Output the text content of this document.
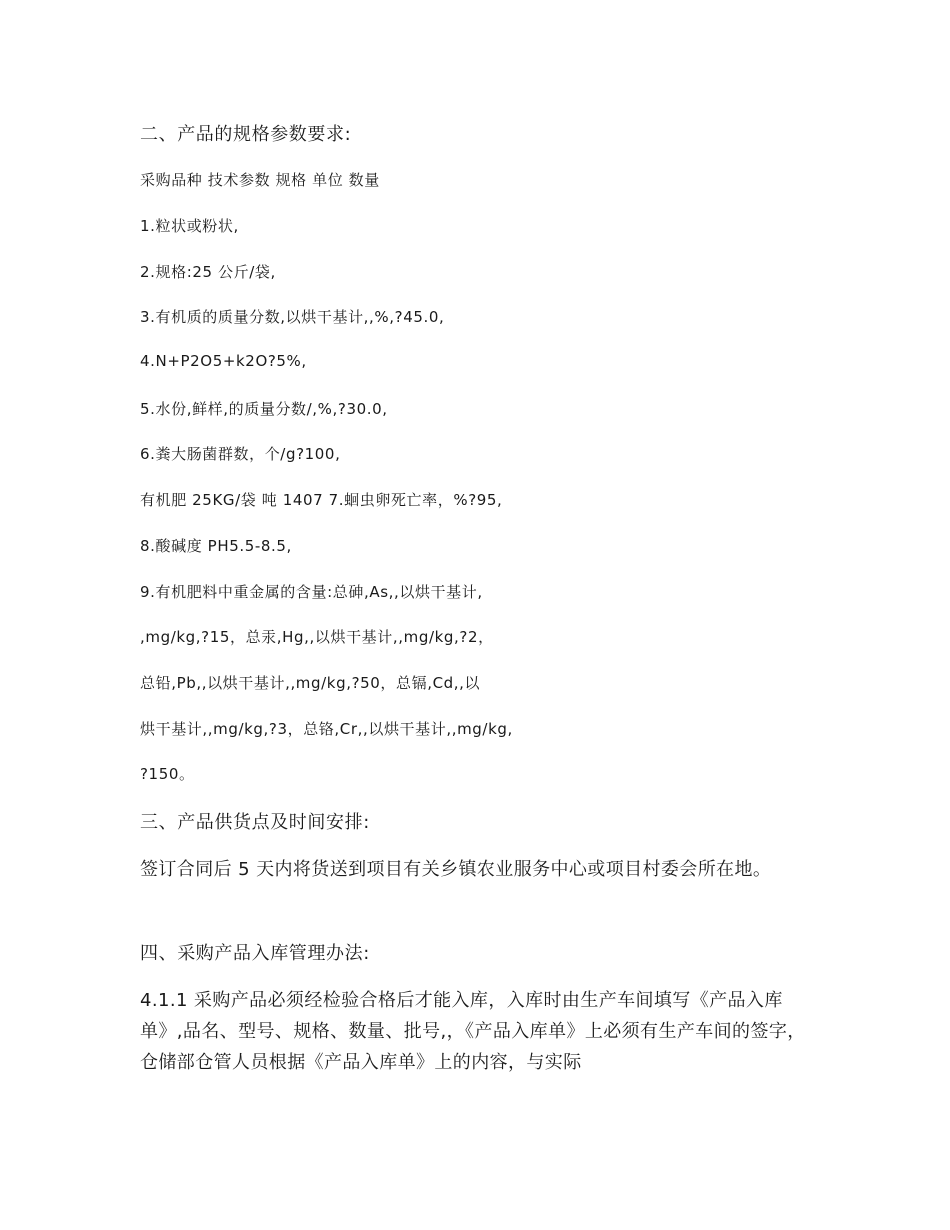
二、产品的规格参数要求:
采购品种 技术参数 规格 单位 数量
1.粒状或粉状,
2.规格:25 公斤/袋,
3.有机质的质量分数,以烘干基计,,%,?45.0,
4.N+P2O5+k2O?5%,
5.水份,鲜样,的质量分数/,%,?30.0,
6.粪大肠菌群数，个/g?100,
有机肥 25KG/袋 吨 1407 7.蛔虫卵死亡率，%?95,
8.酸碱度 PH5.5-8.5,
9.有机肥料中重金属的含量:总砷,As,,以烘干基计,
,mg/kg,?15，总汞,Hg,,以烘干基计,,mg/kg,?2，
总铅,Pb,,以烘干基计,,mg/kg,?50，总镉,Cd,,以
烘干基计,,mg/kg,?3，总铬,Cr,,以烘干基计,,mg/kg,
?150。
三、产品供货点及时间安排:
签订合同后 5 天内将货送到项目有关乡镇农业服务中心或项目村委会所在地。
四、采购产品入库管理办法:
4.1.1 采购产品必须经检验合格后才能入库，入库时由生产车间填写《产品入库单》,品名、型号、规格、数量、批号,，《产品入库单》上必须有生产车间的签字，仓储部仓管人员根据《产品入库单》上的内容，与实际
